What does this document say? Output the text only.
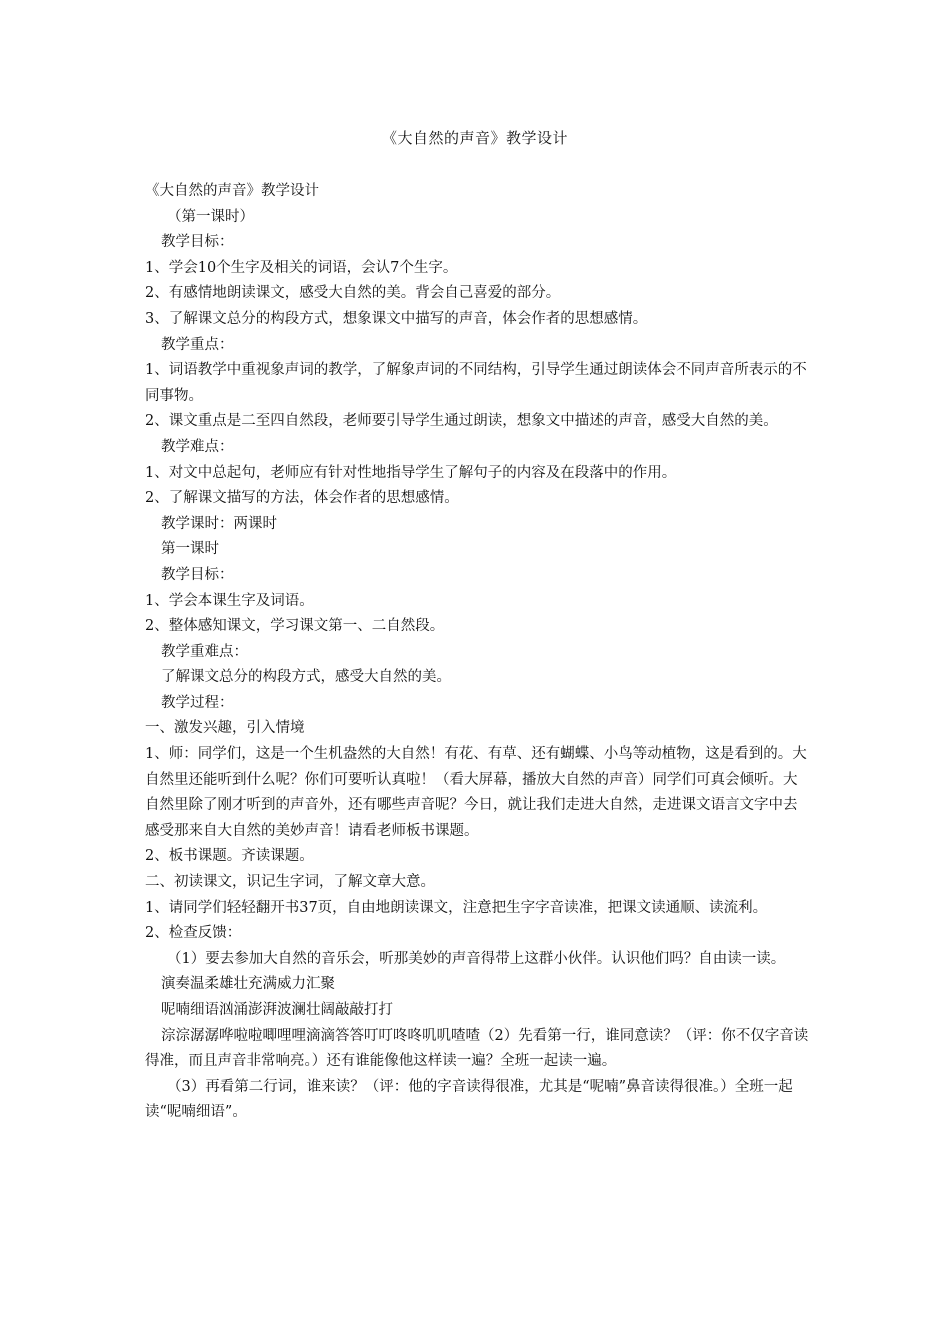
《大自然的声音》教学设计

《大自然的声音》教学设计

（第一课时）

教学目标：

1、学会10个生字及相关的词语，会认7个生字。

2、有感情地朗读课文，感受大自然的美。背会自己喜爱的部分。

3、了解课文总分的构段方式，想象课文中描写的声音，体会作者的思想感情。

教学重点：

1、词语教学中重视象声词的教学，了解象声词的不同结构，引导学生通过朗读体会不同声音所表示的不同事物。

2、课文重点是二至四自然段，老师要引导学生通过朗读，想象文中描述的声音，感受大自然的美。

教学难点：

1、对文中总起句，老师应有针对性地指导学生了解句子的内容及在段落中的作用。

2、了解课文描写的方法，体会作者的思想感情。

教学课时：两课时

第一课时

教学目标：

1、学会本课生字及词语。

2、整体感知课文，学习课文第一、二自然段。

教学重难点：

了解课文总分的构段方式，感受大自然的美。

教学过程：

一、激发兴趣，引入情境

1、师：同学们，这是一个生机盎然的大自然！有花、有草、还有蝴蝶、小鸟等动植物，这是看到的。大自然里还能听到什么呢？你们可要听认真啦！（看大屏幕，播放大自然的声音）同学们可真会倾听。大自然里除了刚才听到的声音外，还有哪些声音呢？今日，就让我们走进大自然，走进课文语言文字中去感受那来自大自然的美妙声音！请看老师板书课题。

2、板书课题。齐读课题。

二、初读课文，识记生字词，了解文章大意。

1、请同学们轻轻翻开书37页，自由地朗读课文，注意把生字字音读准，把课文读通顺、读流利。

2、检查反馈：

（1）要去参加大自然的音乐会，听那美妙的声音得带上这群小伙伴。认识他们吗？自由读一读。

演奏温柔雄壮充满威力汇聚

呢喃细语汹涌澎湃波澜壮阔敲敲打打

淙淙潺潺哗啦啦唧哩哩滴滴答答叮叮咚咚叽叽喳喳（2）先看第一行，谁同意读？（评：你不仅字音读得准，而且声音非常响亮。）还有谁能像他这样读一遍？全班一起读一遍。

（3）再看第二行词，谁来读？（评：他的字音读得很准，尤其是“呢喃”鼻音读得很准。）全班一起读“呢喃细语”。
